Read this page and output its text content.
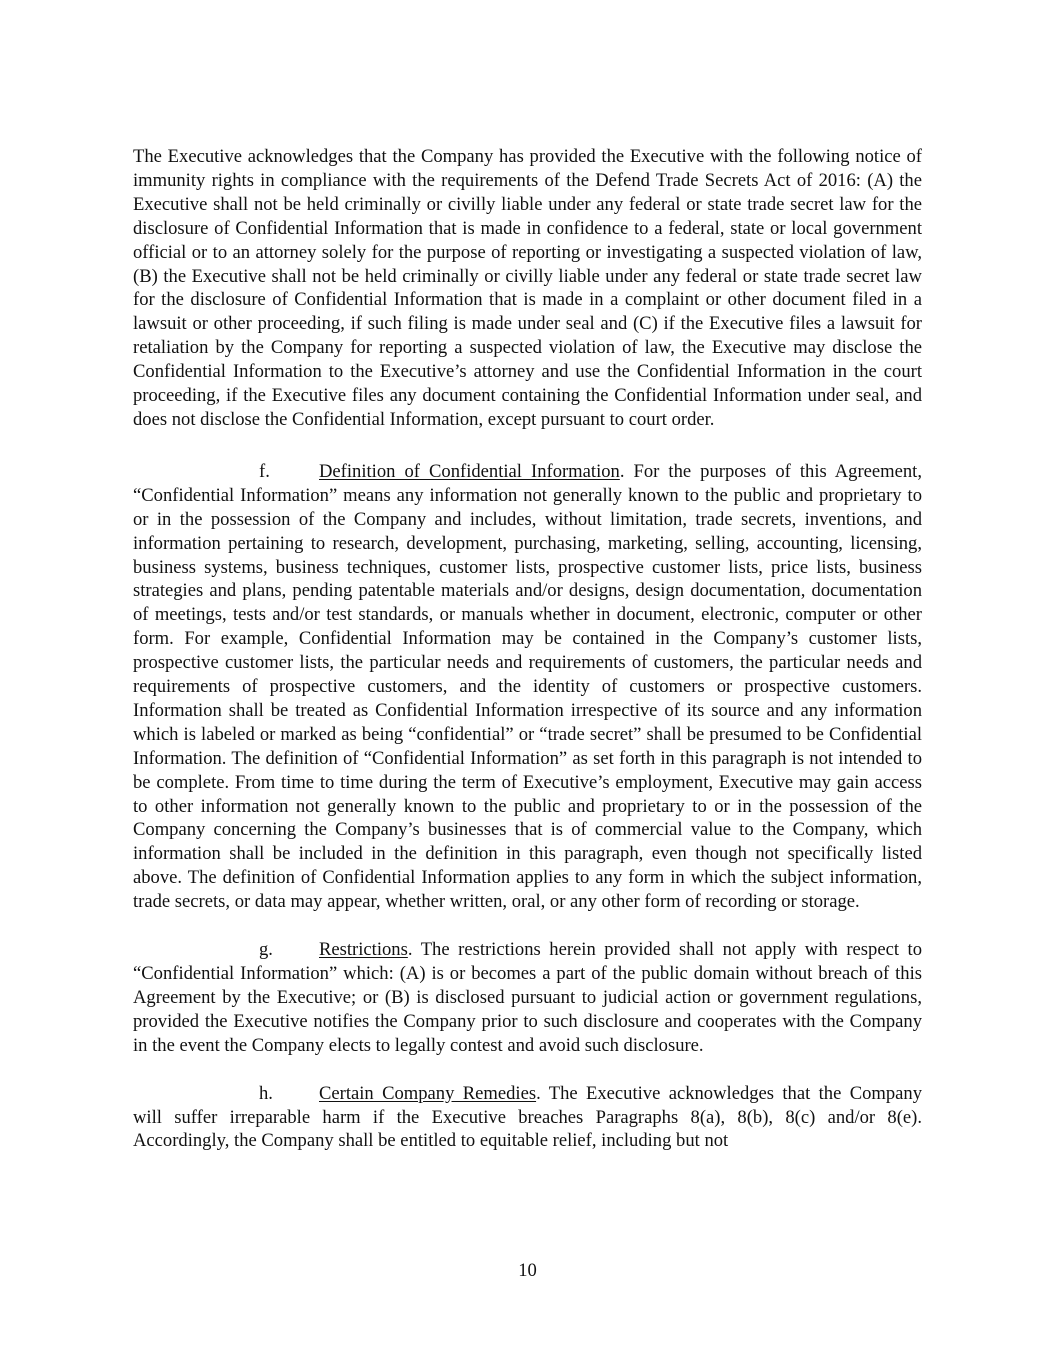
The Executive acknowledges that the Company has provided the Executive with the following notice of immunity rights in compliance with the requirements of the Defend Trade Secrets Act of 2016: (A) the Executive shall not be held criminally or civilly liable under any federal or state trade secret law for the disclosure of Confidential Information that is made in confidence to a federal, state or local government official or to an attorney solely for the purpose of reporting or investigating a suspected violation of law, (B) the Executive shall not be held criminally or civilly liable under any federal or state trade secret law for the disclosure of Confidential Information that is made in a complaint or other document filed in a lawsuit or other proceeding, if such filing is made under seal and (C) if the Executive files a lawsuit for retaliation by the Company for reporting a suspected violation of law, the Executive may disclose the Confidential Information to the Executive’s attorney and use the Confidential Information in the court proceeding, if the Executive files any document containing the Confidential Information under seal, and does not disclose the Confidential Information, except pursuant to court order.

f.	Definition of Confidential Information. For the purposes of this Agreement, “Confidential Information” means any information not generally known to the public and proprietary to or in the possession of the Company and includes, without limitation, trade secrets, inventions, and information pertaining to research, development, purchasing, marketing, selling, accounting, licensing, business systems, business techniques, customer lists, prospective customer lists, price lists, business strategies and plans, pending patentable materials and/or designs, design documentation, documentation of meetings, tests and/or test standards, or manuals whether in document, electronic, computer or other form. For example, Confidential Information may be contained in the Company’s customer lists, prospective customer lists, the particular needs and requirements of customers, the particular needs and requirements of prospective customers, and the identity of customers or prospective customers. Information shall be treated as Confidential Information irrespective of its source and any information which is labeled or marked as being “confidential” or “trade secret” shall be presumed to be Confidential Information. The definition of “Confidential Information” as set forth in this paragraph is not intended to be complete. From time to time during the term of Executive’s employment, Executive may gain access to other information not generally known to the public and proprietary to or in the possession of the Company concerning the Company’s businesses that is of commercial value to the Company, which information shall be included in the definition in this paragraph, even though not specifically listed above. The definition of Confidential Information applies to any form in which the subject information, trade secrets, or data may appear, whether written, oral, or any other form of recording or storage.

g. Restrictions. The restrictions herein provided shall not apply with respect to “Confidential Information” which: (A) is or becomes a part of the public domain without breach of this Agreement by the Executive; or (B) is disclosed pursuant to judicial action or government regulations, provided the Executive notifies the Company prior to such disclosure and cooperates with the Company in the event the Company elects to legally contest and avoid such disclosure.

h. Certain Company Remedies. The Executive acknowledges that the Company will suffer irreparable harm if the Executive breaches Paragraphs 8(a), 8(b), 8(c) and/or 8(e). Accordingly, the Company shall be entitled to equitable relief, including but not

10
